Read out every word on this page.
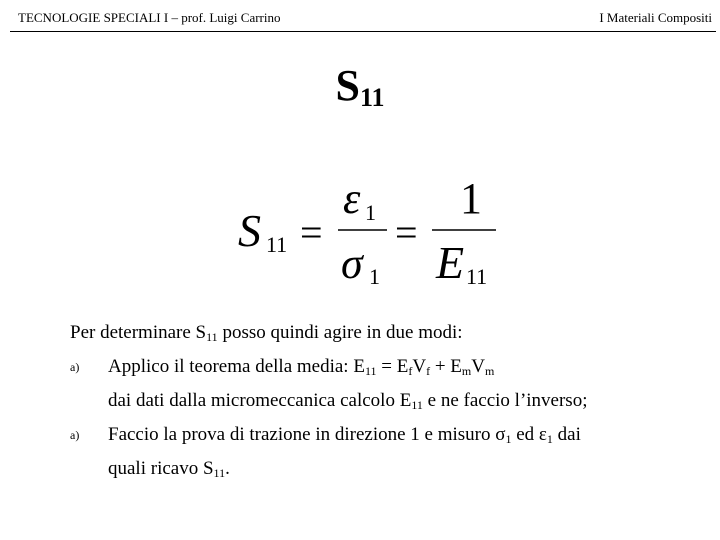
TECNOLOGIE SPECIALI I – prof. Luigi Carrino	I Materiali Compositi
$S_{11}$
S 11 =
ε 1
σ 1
=
1
E 11
Per determinare $S_{11}$ posso quindi agire in due modi:
a) Applico il teorema della media: $E_{11} = E_fV_f + E_mV_m$
dai dati dalla micromeccanica calcolo $E_{11}$ e ne faccio l’inverso;
a) Faccio la prova di trazione in direzione 1 e misuro $\sigma_1$ ed $\varepsilon_1$ dai
quali ricavo $S_{11}$.
